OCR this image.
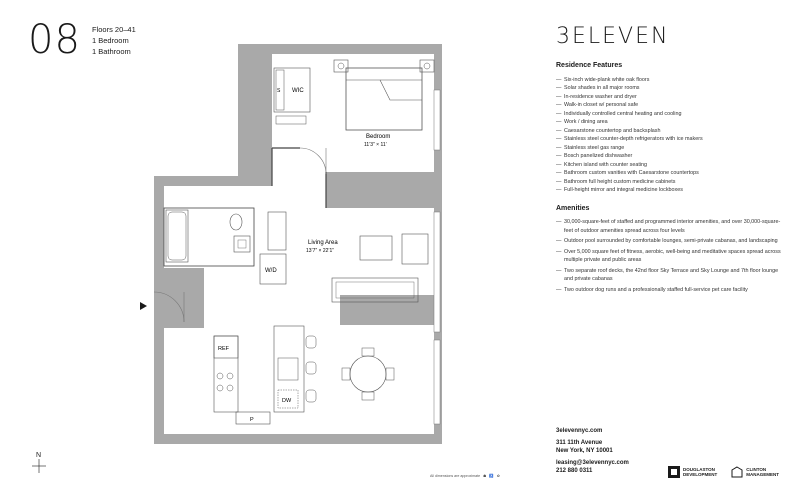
08 Floors 20–41
1 Bedroom
1 Bathroom
WIC
S
Bedroom
11’3” × 11’
W/D
Living Area
13’7” × 22’1”
REF
DW
P
3ELEVEN
Residence Features
— Six-inch wide-plank white oak floors
— Solar shades in all major rooms
— In-residence washer and dryer
— Walk-in closet w/ personal safe
— Individually controlled central heating and cooling
— Work / dining area
— Caesarstone countertop and backsplash
— Stainless steel counter-depth refrigerators with ice makers
— Stainless steel gas range
— Bosch panelized dishwasher
— Kitchen island with counter seating
— Bathroom custom vanities with Caesarstone countertops
— Bathroom full height custom medicine cabinets
— Full-height mirror and integral medicine lockboxes
Amenities
— 30,000-square-feet of staffed and programmed interior amenities, and over 30,000-square-feet of outdoor amenities spread across four levels
— Outdoor pool surrounded by comfortable lounges, semi-private cabanas, and landscaping
— Over 5,000 square feet of fitness, aerobic, well-being and meditative spaces spread across multiple private and public areas
— Two separate roof decks, the 42nd floor Sky Terrace and Sky Lounge and 7th floor lounge and private cabanas
— Two outdoor dog runs and a professionally staffed full-service pet care facility
3elevennyc.com
311 11th Avenue
New York, NY 10001
leasing@3elevennyc.com
212 880 0311	DOUGLASTON
DEVELOPMENT
CLINTON
MANAGEMENT
N
All dimensions are approximate ☗ ♿ ✿
